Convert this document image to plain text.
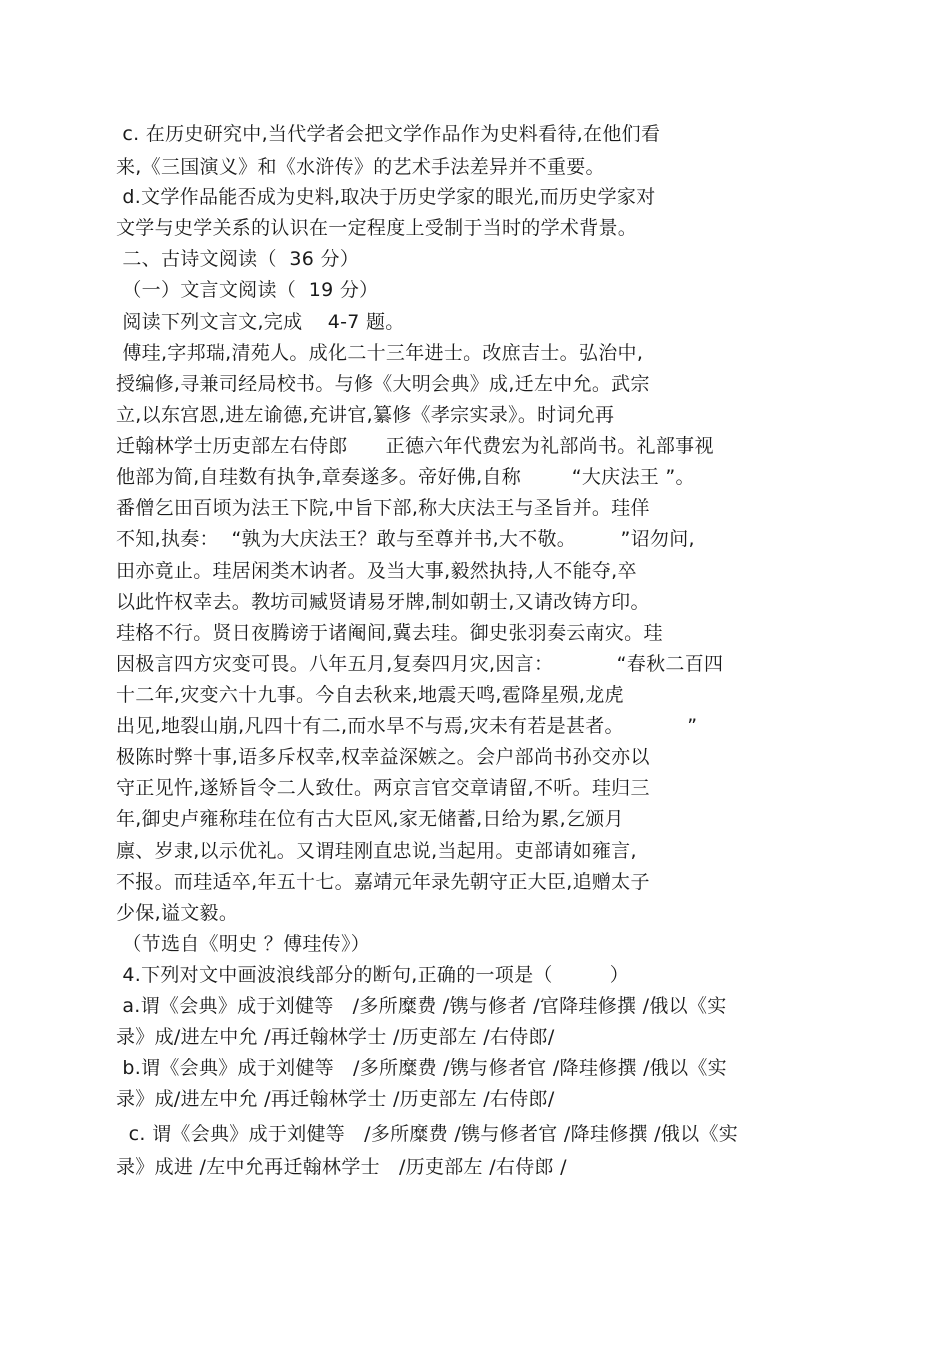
c. 在历史研究中,当代学者会把文学作品作为史料看待,在他们看
来,《三国演义》和《水浒传》的艺术手法差异并不重要。
d.文学作品能否成为史料,取决于历史学家的眼光,而历史学家对
文学与史学关系的认识在一定程度上受制于当时的学术背景。
二、古诗文阅读（  36 分）
（一）文言文阅读（  19 分）
阅读下列文言文,完成    4-7 题。
傅珪,字邦瑞,清苑人。成化二十三年进士。改庶吉士。弘治中,
授编修,寻兼司经局校书。与修《大明会典》成,迁左中允。武宗
立,以东宫恩,进左谕德,充讲官,纂修《孝宗实录》。时词允再
迁翰林学士历吏部左右侍郎      正德六年代费宏为礼部尚书。礼部事视
他部为简,自珪数有执争,章奏遂多。帝好佛,自称        “大庆法王 ”。
番僧乞田百顷为法王下院,中旨下部,称大庆法王与圣旨并。珪佯
不知,执奏：  “孰为大庆法王？敢与至尊并书,大不敬。       ”诏勿问,
田亦竟止。珪居闲类木讷者。及当大事,毅然执持,人不能夺,卒
以此忤权幸去。教坊司臧贤请易牙牌,制如朝士,又请改铸方印。
珪格不行。贤日夜腾谤于诸阉间,冀去珪。御史张羽奏云南灾。珪
因极言四方灾变可畏。八年五月,复奏四月灾,因言：          “春秋二百四
十二年,灾变六十九事。今自去秋来,地震天鸣,雹降星殒,龙虎
出见,地裂山崩,凡四十有二,而水旱不与焉,灾未有若是甚者。          ”
极陈时弊十事,语多斥权幸,权幸益深嫉之。会户部尚书孙交亦以
守正见忤,遂矫旨令二人致仕。两京言官交章请留,不听。珪归三
年,御史卢雍称珪在位有古大臣风,家无储蓄,日给为累,乞颁月
廪、岁隶,以示优礼。又谓珪刚直忠说,当起用。吏部请如雍言,
不报。而珪适卒,年五十七。嘉靖元年录先朝守正大臣,追赠太子
少保,谥文毅。
（节选自《明史 ？傅珪传》）
4.下列对文中画波浪线部分的断句,正确的一项是（         ）
a.谓《会典》成于刘健等   /多所糜费 /镌与修者 /官降珪修撰 /俄以《实
录》成/进左中允 /再迁翰林学士 /历吏部左 /右侍郎/
b.谓《会典》成于刘健等   /多所糜费 /镌与修者官 /降珪修撰 /俄以《实
录》成/进左中允 /再迁翰林学士 /历吏部左 /右侍郎/
c. 谓《会典》成于刘健等   /多所糜费 /镌与修者官 /降珪修撰 /俄以《实
录》成进 /左中允再迁翰林学士   /历吏部左 /右侍郎 /
